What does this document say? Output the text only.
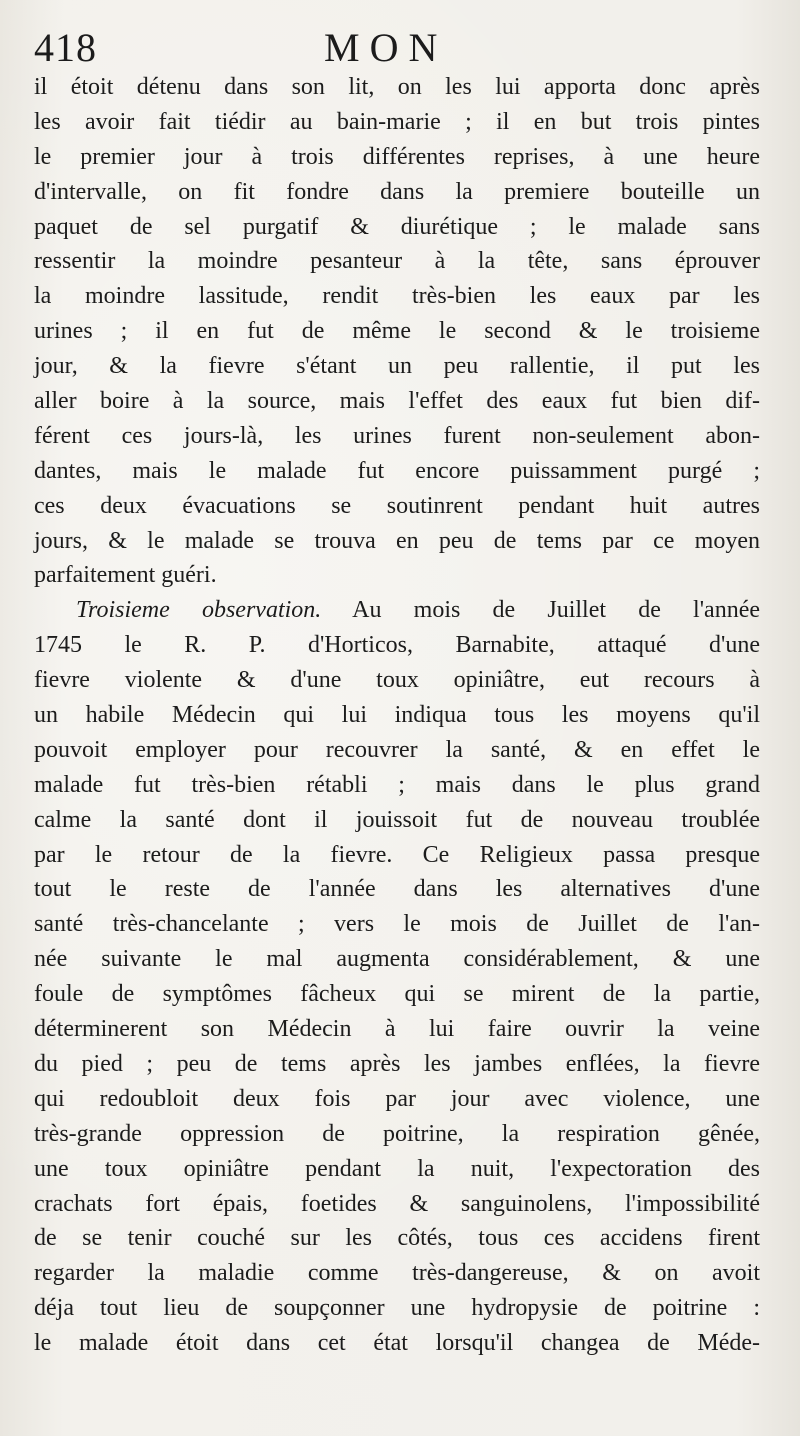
418	MON
il étoit détenu dans son lit, on les lui apporta donc après
les avoir fait tiédir au bain-marie ; il en but trois pintes
le premier jour à trois différentes reprises, à une heure
d'intervalle, on fit fondre dans la premiere bouteille un
paquet de sel purgatif & diurétique ; le malade sans
ressentir la moindre pesanteur à la tête, sans éprouver
la moindre lassitude, rendit très-bien les eaux par les
urines ; il en fut de même le second & le troisieme
jour, & la fievre s'étant un peu rallentie, il put les
aller boire à la source, mais l'effet des eaux fut bien dif-
férent ces jours-là, les urines furent non-seulement abon-
dantes, mais le malade fut encore puissamment purgé ;
ces deux évacuations se soutinrent pendant huit autres
jours, & le malade se trouva en peu de tems par ce moyen
parfaitement guéri.
Troisieme observation. Au mois de Juillet de l'année
1745 le R. P. d'Horticos, Barnabite, attaqué d'une
fievre violente & d'une toux opiniâtre, eut recours à
un habile Médecin qui lui indiqua tous les moyens qu'il
pouvoit employer pour recouvrer la santé, & en effet le
malade fut très-bien rétabli ; mais dans le plus grand
calme la santé dont il jouissoit fut de nouveau troublée
par le retour de la fievre. Ce Religieux passa presque
tout le reste de l'année dans les alternatives d'une
santé très-chancelante ; vers le mois de Juillet de l'an-
née suivante le mal augmenta considérablement, & une
foule de symptômes fâcheux qui se mirent de la partie,
déterminerent son Médecin à lui faire ouvrir la veine
du pied ; peu de tems après les jambes enflées, la fievre
qui redoubloit deux fois par jour avec violence, une
très-grande oppression de poitrine, la respiration gênée,
une toux opiniâtre pendant la nuit, l'expectoration des
crachats fort épais, foetides & sanguinolens, l'impossibilité
de se tenir couché sur les côtés, tous ces accidens firent
regarder la maladie comme très-dangereuse, & on avoit
déja tout lieu de soupçonner une hydropysie de poitrine :
le malade étoit dans cet état lorsqu'il changea de Méde-
